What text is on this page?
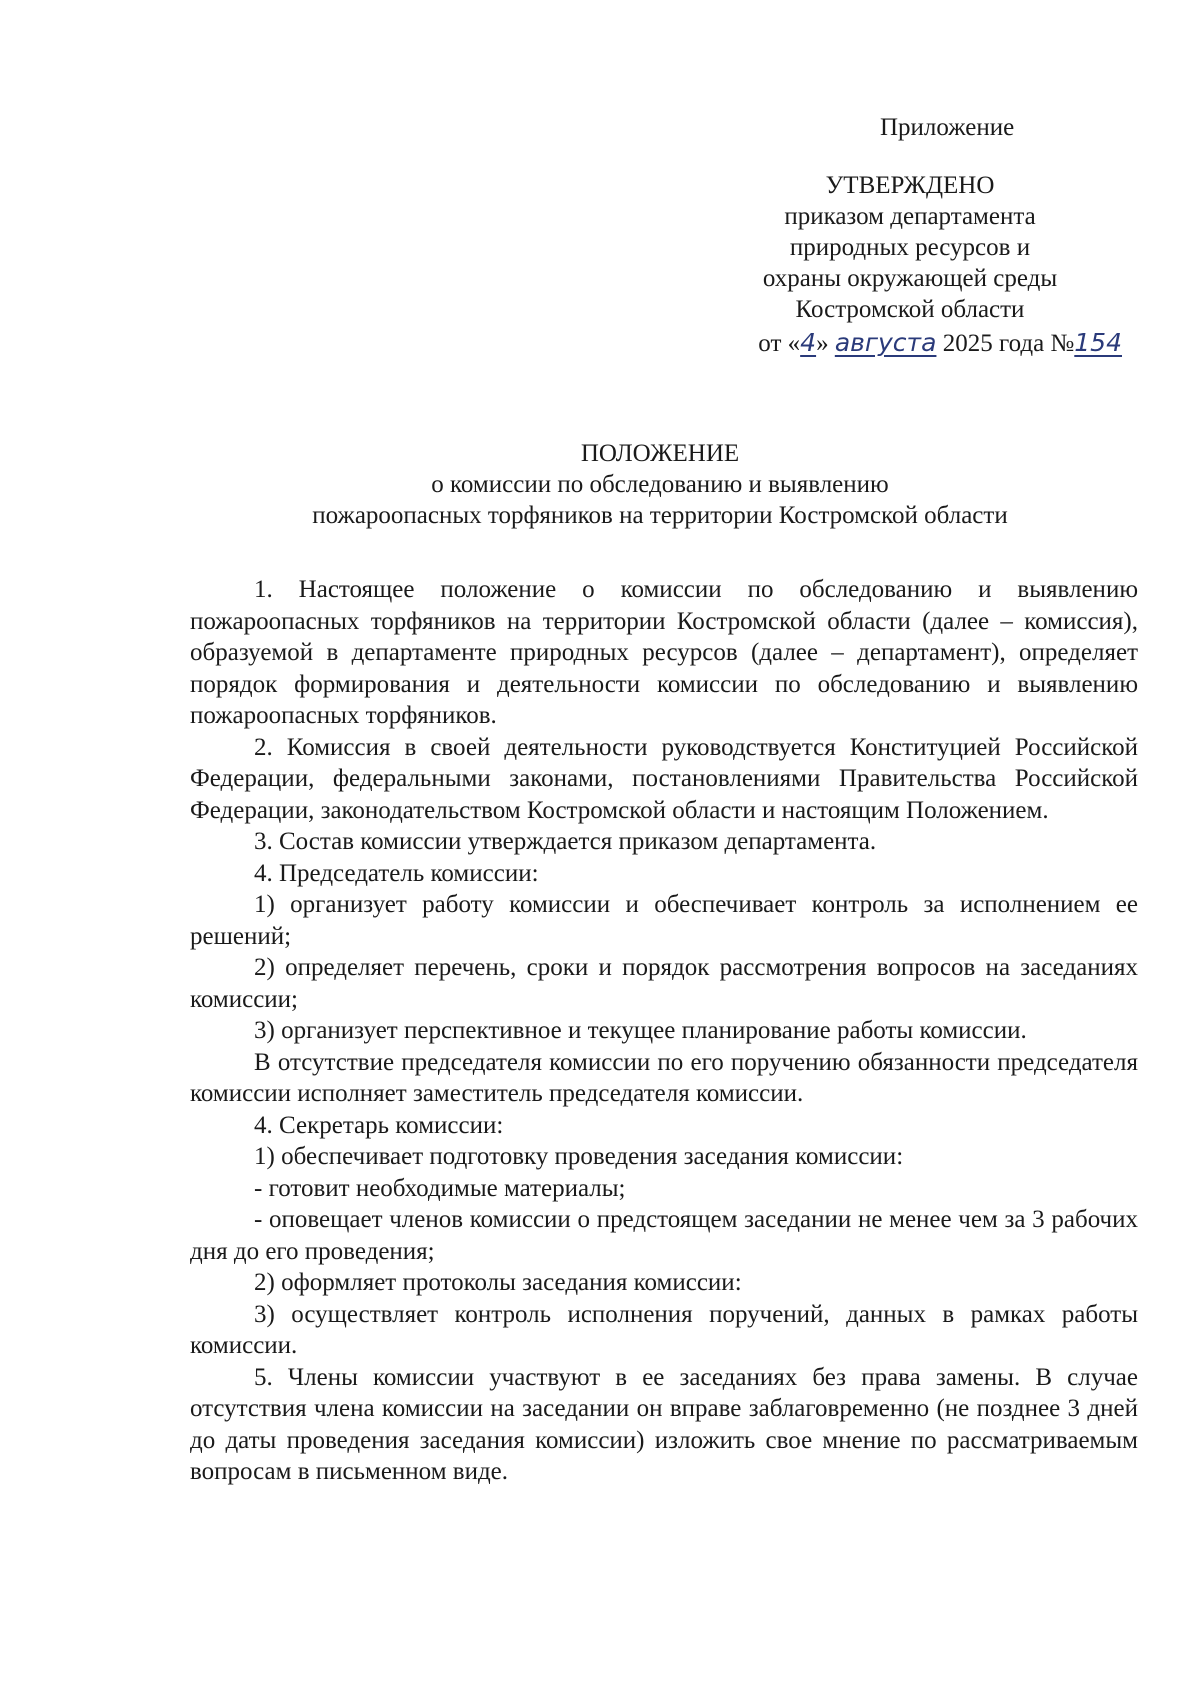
Приложение
УТВЕРЖДЕНО
приказом департамента
природных ресурсов и
охраны окружающей среды
Костромской области
от «4» августа 2025 года №154
ПОЛОЖЕНИЕ
о комиссии по обследованию и выявлению
пожароопасных торфяников на территории Костромской области

1. Настоящее положение о комиссии по обследованию и выявлению пожароопасных торфяников на территории Костромской области (далее – комиссия), образуемой в департаменте природных ресурсов (далее – департамент), определяет порядок формирования и деятельности комиссии по обследованию и выявлению пожароопасных торфяников.

2. Комиссия в своей деятельности руководствуется Конституцией Российской Федерации, федеральными законами, постановлениями Правительства Российской Федерации, законодательством Костромской области и настоящим Положением.

3. Состав комиссии утверждается приказом департамента.

4. Председатель комиссии:

1) организует работу комиссии и обеспечивает контроль за исполнением ее решений;

2) определяет перечень, сроки и порядок рассмотрения вопросов на заседаниях комиссии;

3) организует перспективное и текущее планирование работы комиссии.

В отсутствие председателя комиссии по его поручению обязанности председателя комиссии исполняет заместитель председателя комиссии.

4. Секретарь комиссии:

1) обеспечивает подготовку проведения заседания комиссии:

- готовит необходимые материалы;

- оповещает членов комиссии о предстоящем заседании не менее чем за 3 рабочих дня до его проведения;

2) оформляет протоколы заседания комиссии:

3) осуществляет контроль исполнения поручений, данных в рамках работы комиссии.

5. Члены комиссии участвуют в ее заседаниях без права замены. В случае отсутствия члена комиссии на заседании он вправе заблаговременно (не позднее 3 дней до даты проведения заседания комиссии) изложить свое мнение по рассматриваемым вопросам в письменном виде.
